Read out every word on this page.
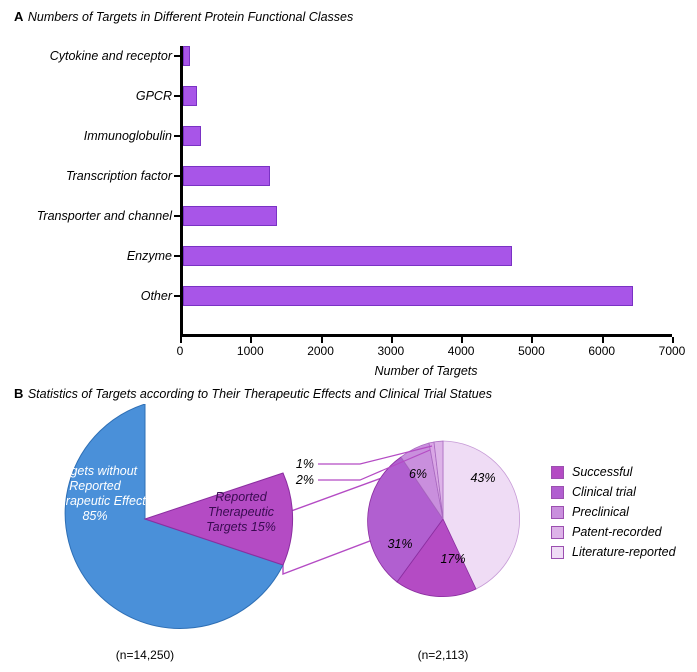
A Numbers of Targets in Different Protein Functional Classes
Number of Targets
Cytokine and receptor
GPCR
Immunoglobulin
Transcription factor
Transporter and channel
Enzyme
Other
0	1000	2000	3000	4000	5000	6000	7000
B Statistics of Targets according to Their Therapeutic Effects and Clinical Trial Statues
Targets without Reported Therapeutic Effect 85%
Reported Therapeutic Targets 15%
1%
2%	43%
17%
31%
6%
(n=14,250)	(n=2,113)
Successful
Clinical trial
Preclinical
Patent-recorded
Literature-reported
